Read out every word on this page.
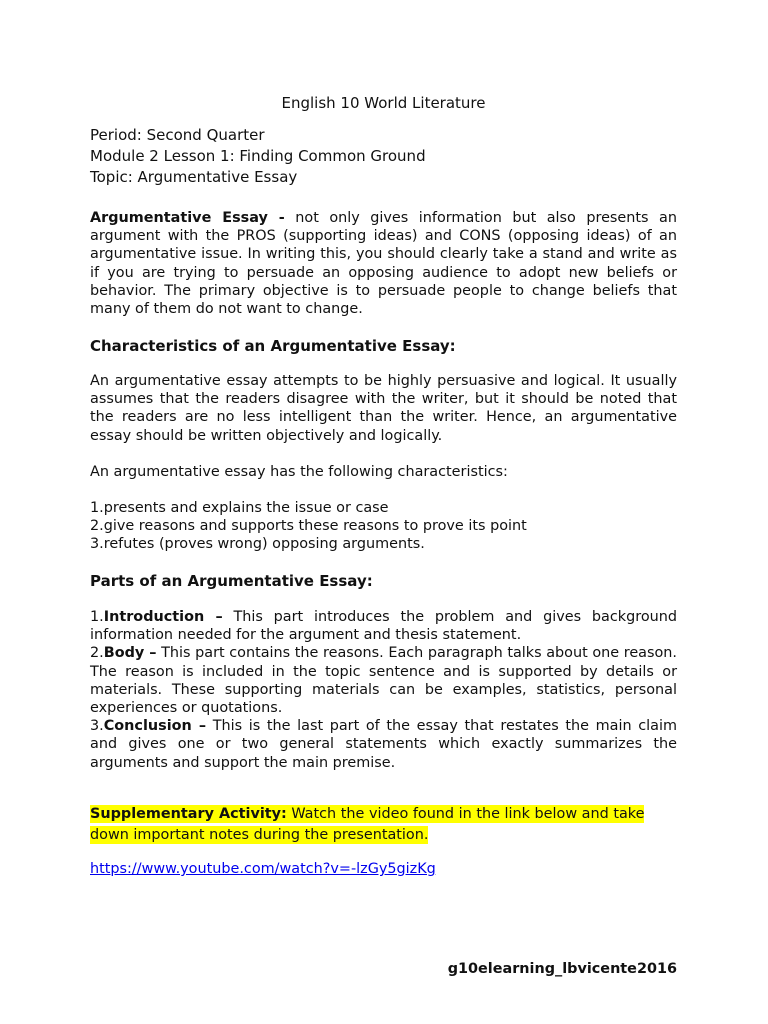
English 10 World Literature
Period: Second Quarter
Module 2 Lesson 1: Finding Common Ground
Topic: Argumentative Essay
Argumentative Essay - not only gives information but also presents an argument with the PROS (supporting ideas) and CONS (opposing ideas) of an argumentative issue. In writing this, you should clearly take a stand and write as if you are trying to persuade an opposing audience to adopt new beliefs or behavior. The primary objective is to persuade people to change beliefs that many of them do not want to change.
Characteristics of an Argumentative Essay:
An argumentative essay attempts to be highly persuasive and logical. It usually assumes that the readers disagree with the writer, but it should be noted that the readers are no less intelligent than the writer. Hence, an argumentative essay should be written objectively and logically.
An argumentative essay has the following characteristics:
1.presents and explains the issue or case
2.give reasons and supports these reasons to prove its point
3.refutes (proves wrong) opposing arguments.
Parts of an Argumentative Essay:
1.Introduction – This part introduces the problem and gives background information needed for the argument and thesis statement.
2.Body – This part contains the reasons. Each paragraph talks about one reason. The reason is included in the topic sentence and is supported by details or materials. These supporting materials can be examples, statistics, personal experiences or quotations.
3.Conclusion – This is the last part of the essay that restates the main claim and gives one or two general statements which exactly summarizes the arguments and support the main premise.
Supplementary Activity: Watch the video found in the link below and take
down important notes during the presentation.
https://www.youtube.com/watch?v=-lzGy5gizKg
g10elearning_lbvicente2016
